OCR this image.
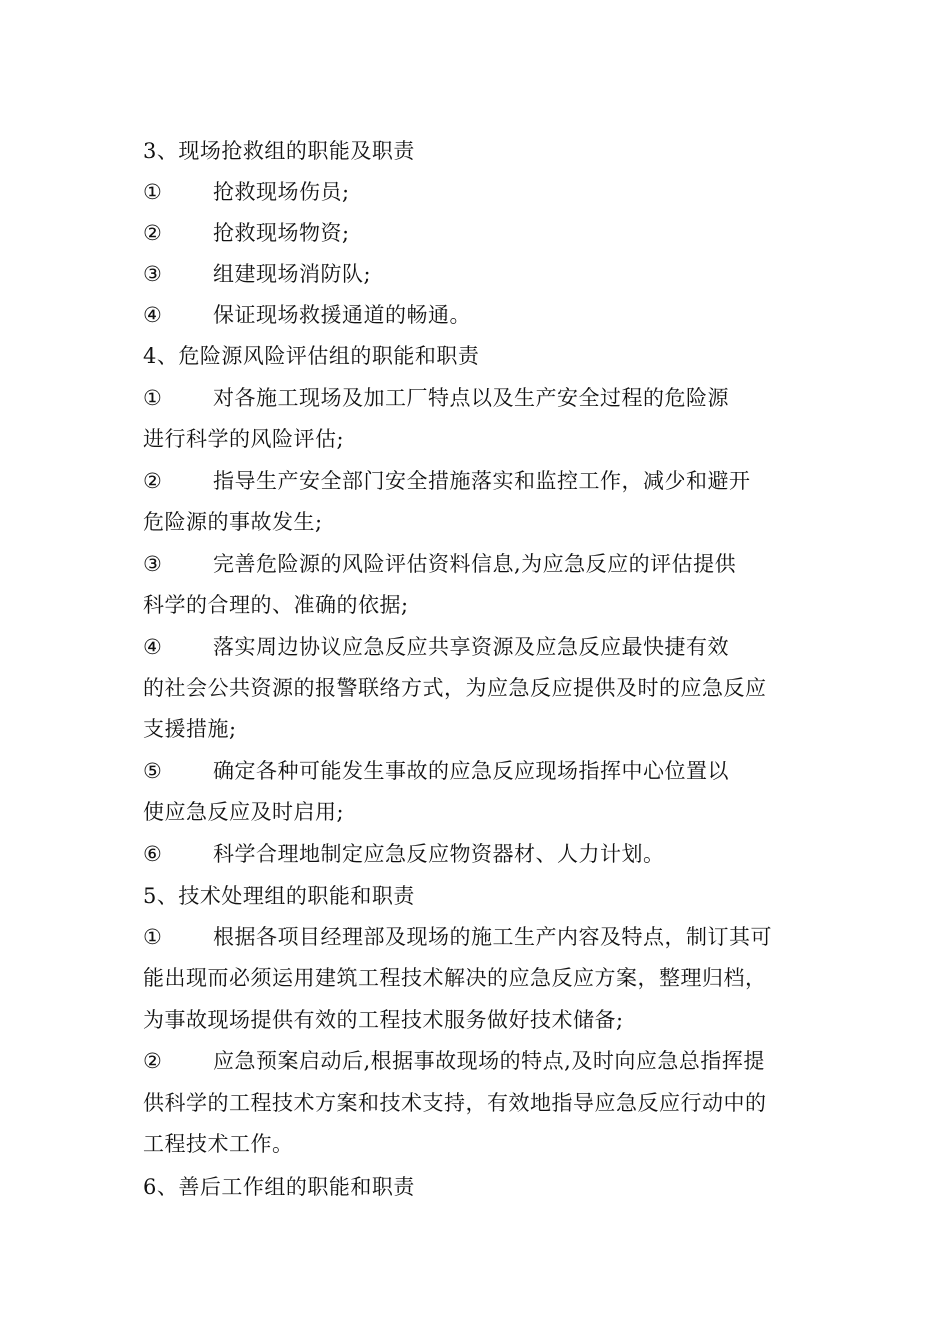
3、现场抢救组的职能及职责
① 抢救现场伤员;
② 抢救现场物资;
③ 组建现场消防队;
④ 保证现场救援通道的畅通。
4、危险源风险评估组的职能和职责
① 对各施工现场及加工厂特点以及生产安全过程的危险源
进行科学的风险评估;
② 指导生产安全部门安全措施落实和监控工作，减少和避开
危险源的事故发生;
③ 完善危险源的风险评估资料信息,为应急反应的评估提供
科学的合理的、准确的依据;
④ 落实周边协议应急反应共享资源及应急反应最快捷有效
的社会公共资源的报警联络方式，为应急反应提供及时的应急反应
支援措施;
⑤ 确定各种可能发生事故的应急反应现场指挥中心位置以
使应急反应及时启用;
⑥ 科学合理地制定应急反应物资器材、人力计划。
5、技术处理组的职能和职责
① 根据各项目经理部及现场的施工生产内容及特点，制订其可
能出现而必须运用建筑工程技术解决的应急反应方案，整理归档，
为事故现场提供有效的工程技术服务做好技术储备;
② 应急预案启动后,根据事故现场的特点,及时向应急总指挥提
供科学的工程技术方案和技术支持，有效地指导应急反应行动中的
工程技术工作。
6、善后工作组的职能和职责
